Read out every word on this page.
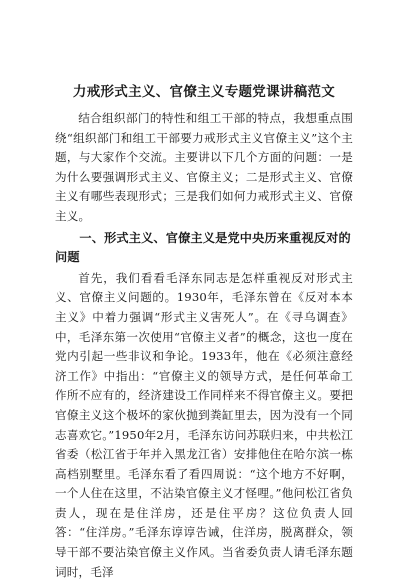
力戒形式主义、官僚主义专题党课讲稿范文

结合组织部门的特性和组工干部的特点，我想重点围绕“组织部门和组工干部要力戒形式主义官僚主义”这个主题，与大家作个交流。主要讲以下几个方面的问题：一是为什么要强调形式主义、官僚主义；二是形式主义、官僚主义有哪些表现形式；三是我们如何力戒形式主义、官僚主义。

一、形式主义、官僚主义是党中央历来重视反对的问题

首先，我们看看毛泽东同志是怎样重视反对形式主义、官僚主义问题的。1930年，毛泽东曾在《反对本本主义》中着力强调“形式主义害死人”。在《寻乌调查》中，毛泽东第一次使用“官僚主义者”的概念，这也一度在党内引起一些非议和争论。1933年，他在《必须注意经济工作》中指出：“官僚主义的领导方式，是任何革命工作所不应有的，经济建设工作同样来不得官僚主义。要把官僚主义这个极坏的家伙抛到粪缸里去，因为没有一个同志喜欢它。”1950年2月，毛泽东访问苏联归来，中共松江省委（松江省于年并入黑龙江省）安排他住在哈尔滨一栋高档别墅里。毛泽东看了看四周说：“这个地方不好啊，一个人住在这里，不沾染官僚主义才怪哩。”他问松江省负责人，现在是住洋房，还是住平房？这位负责人回答：“住洋房。”毛泽东谆谆告诫，住洋房，脱离群众，领导干部不要沾染官僚主义作风。当省委负责人请毛泽东题词时，毛泽
